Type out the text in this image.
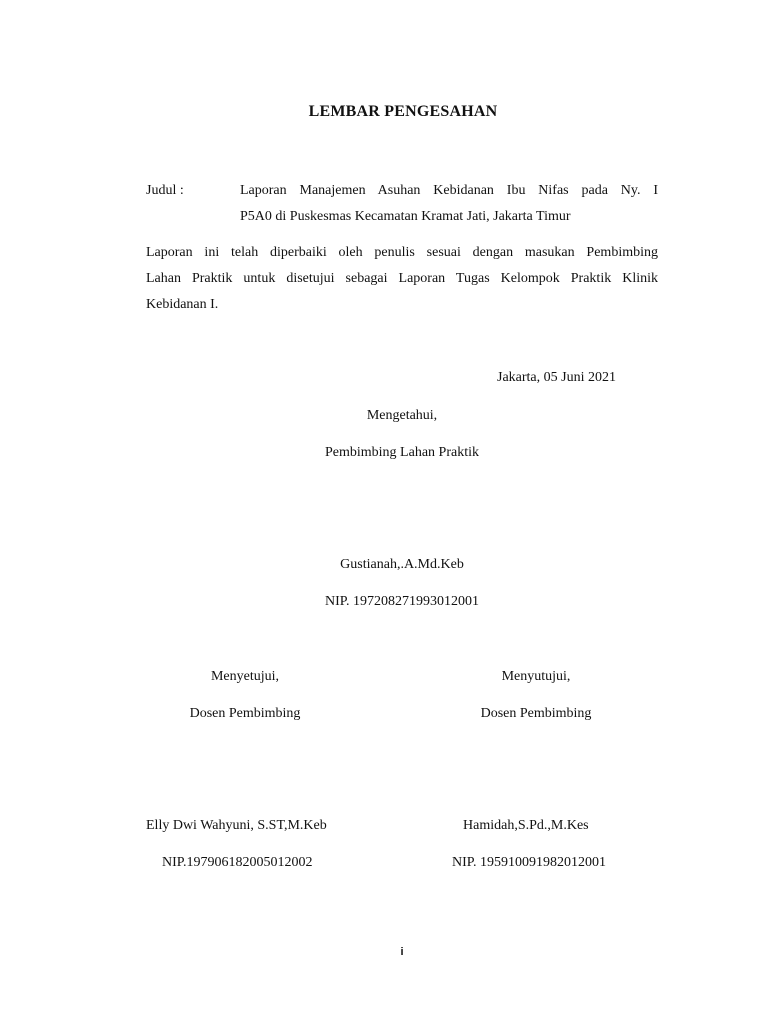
LEMBAR PENGESAHAN
Judul :	Laporan Manajemen Asuhan Kebidanan Ibu Nifas pada Ny. I
P5A0 di Puskesmas Kecamatan Kramat Jati, Jakarta Timur
Laporan ini telah diperbaiki oleh penulis sesuai dengan masukan Pembimbing
Lahan Praktik untuk disetujui sebagai Laporan Tugas Kelompok Praktik Klinik
Kebidanan I.
Jakarta, 05 Juni 2021
Mengetahui,
Pembimbing Lahan Praktik
Gustianah,.A.Md.Keb
NIP. 197208271993012001
Menyetujui,
Dosen Pembimbing
Elly Dwi Wahyuni, S.ST,M.Keb
NIP.197906182005012002
Menyutujui,
Dosen Pembimbing
Hamidah,S.Pd.,M.Kes
NIP. 195910091982012001
i
